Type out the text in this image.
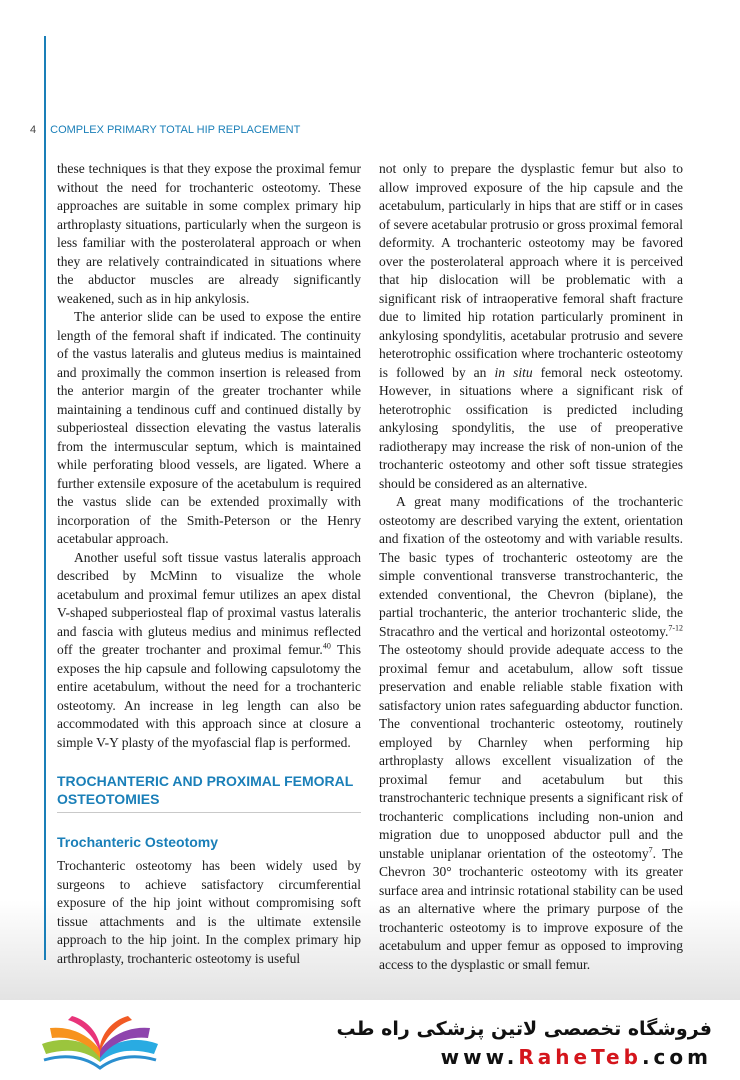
4 COMPLEX PRIMARY TOTAL HIP REPLACEMENT

these techniques is that they expose the proximal femur without the need for trochanteric osteotomy. These approaches are suitable in some complex primary hip arthroplasty situations, particularly when the surgeon is less familiar with the posterolateral approach or when they are relatively contraindicated in situations where the abductor muscles are already significantly weakened, such as in hip ankylosis.

The anterior slide can be used to expose the entire length of the femoral shaft if indicated. The continuity of the vastus lateralis and gluteus medius is maintained and proximally the common insertion is released from the anterior margin of the greater trochanter while maintaining a tendinous cuff and continued distally by subperiosteal dissection elevating the vastus lateralis from the intermuscular septum, which is maintained while perforating blood vessels, are ligated. Where a further extensile exposure of the acetabulum is required the vastus slide can be extended proximally with incorporation of the Smith-Peterson or the Henry acetabular approach.

Another useful soft tissue vastus lateralis approach described by McMinn to visualize the whole acetabulum and proximal femur utilizes an apex distal V-shaped subperiosteal flap of proximal vastus lateralis and fascia with gluteus medius and minimus reflected off the greater trochanter and proximal femur.$^{40}$ This exposes the hip capsule and following capsulotomy the entire acetabulum, without the need for a trochanteric osteotomy. An increase in leg length can also be accommodated with this approach since at closure a simple V-Y plasty of the myofascial flap is performed.

TROCHANTERIC AND PROXIMAL FEMORAL OSTEOTOMIES
Trochanteric Osteotomy

Trochanteric osteotomy has been widely used by surgeons to achieve satisfactory circumferential exposure of the hip joint without compromising soft tissue attachments and is the ultimate extensile approach to the hip joint. In the complex primary hip arthroplasty, trochanteric osteotomy is useful

not only to prepare the dysplastic femur but also to allow improved exposure of the hip capsule and the acetabulum, particularly in hips that are stiff or in cases of severe acetabular protrusio or gross proximal femoral deformity. A trochanteric osteotomy may be favored over the posterolateral approach where it is perceived that hip dislocation will be problematic with a significant risk of intraoperative femoral shaft fracture due to limited hip rotation particularly prominent in ankylosing spondylitis, acetabular protrusio and severe heterotrophic ossification where trochanteric osteotomy is followed by an in situ femoral neck osteotomy. However, in situations where a significant risk of heterotrophic ossification is predicted including ankylosing spondylitis, the use of preoperative radiotherapy may increase the risk of non-union of the trochanteric osteotomy and other soft tissue strategies should be considered as an alternative.

A great many modifications of the trochanteric osteotomy are described varying the extent, orientation and fixation of the osteotomy and with variable results. The basic types of trochanteric osteotomy are the simple conventional transverse transtrochanteric, the extended conventional, the Chevron (biplane), the partial trochanteric, the anterior trochanteric slide, the Stracathro and the vertical and horizontal osteotomy.$^{7-12}$ The osteotomy should provide adequate access to the proximal femur and acetabulum, allow soft tissue preservation and enable reliable stable fixation with satisfactory union rates safeguarding abductor function. The conventional trochanteric osteotomy, routinely employed by Charnley when performing hip arthroplasty allows excellent visualization of the proximal femur and acetabulum but this transtrochanteric technique presents a significant risk of trochanteric complications including non-union and migration due to unopposed abductor pull and the unstable uniplanar orientation of the osteotomy$^7$. The Chevron 30° trochanteric osteotomy with its greater surface area and intrinsic rotational stability can be used as an alternative where the primary purpose of the trochanteric osteotomy is to improve exposure of the acetabulum and upper femur as opposed to improving access to the dysplastic or small femur.

فروشگاه تخصصی لاتین پزشکی راه طب
www.RaheTeb.com
